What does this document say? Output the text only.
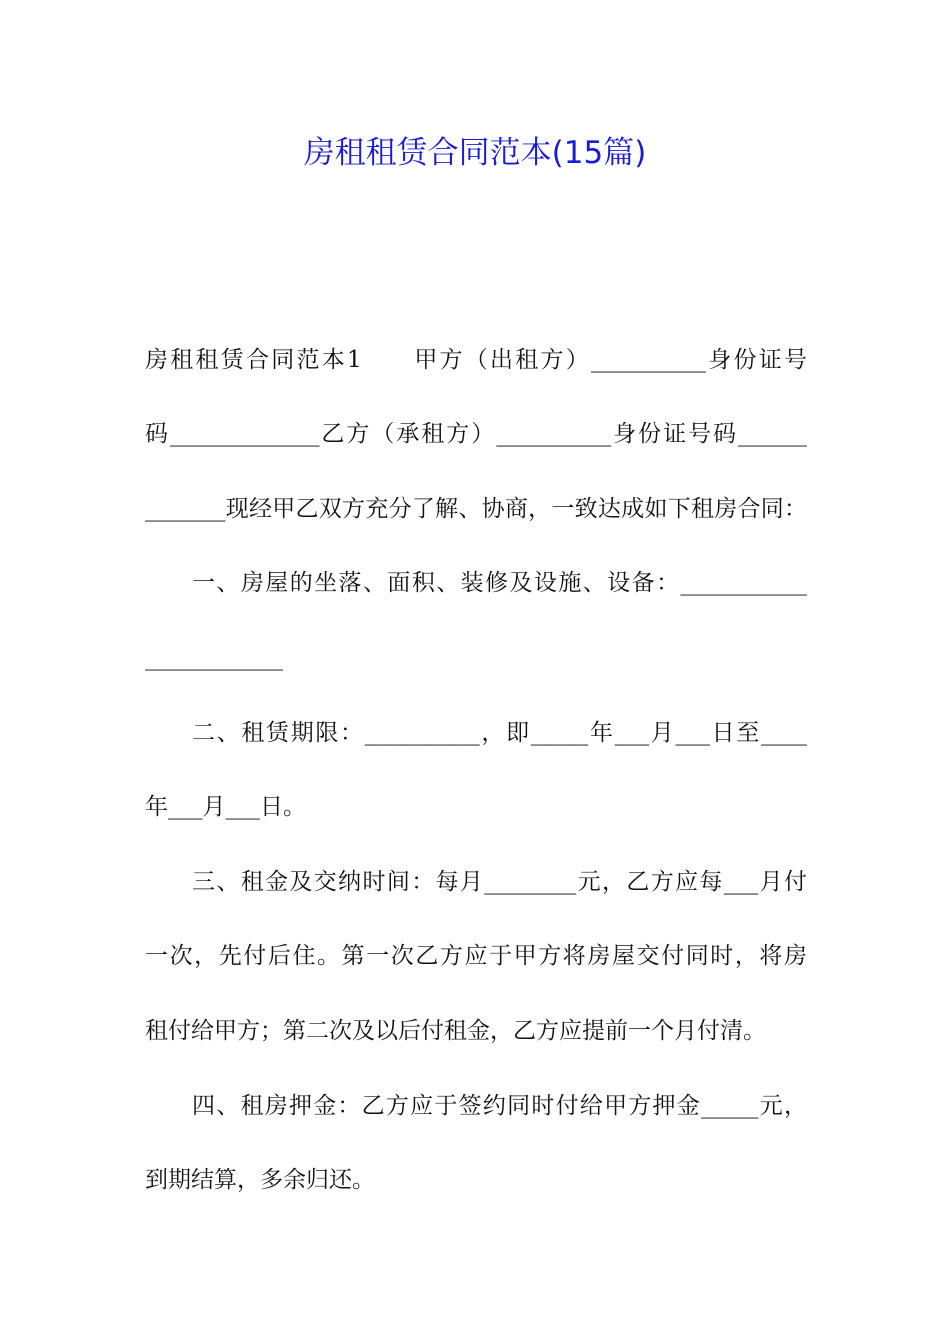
房租租赁合同范本(15篇)
房租租赁合同范本1　　甲方（出租方）__________身份证号
码_____________乙方（承租方）__________身份证号码______
_______现经甲乙双方充分了解、协商，一致达成如下租房合同：
一、房屋的坐落、面积、装修及设施、设备：___________
____________
二、租赁期限：__________，即_____年___月___日至____
年___月___日。
三、租金及交纳时间：每月________元，乙方应每___月付
一次，先付后住。第一次乙方应于甲方将房屋交付同时，将房
租付给甲方；第二次及以后付租金，乙方应提前一个月付清。
四、租房押金：乙方应于签约同时付给甲方押金_____元，
到期结算，多余归还。
